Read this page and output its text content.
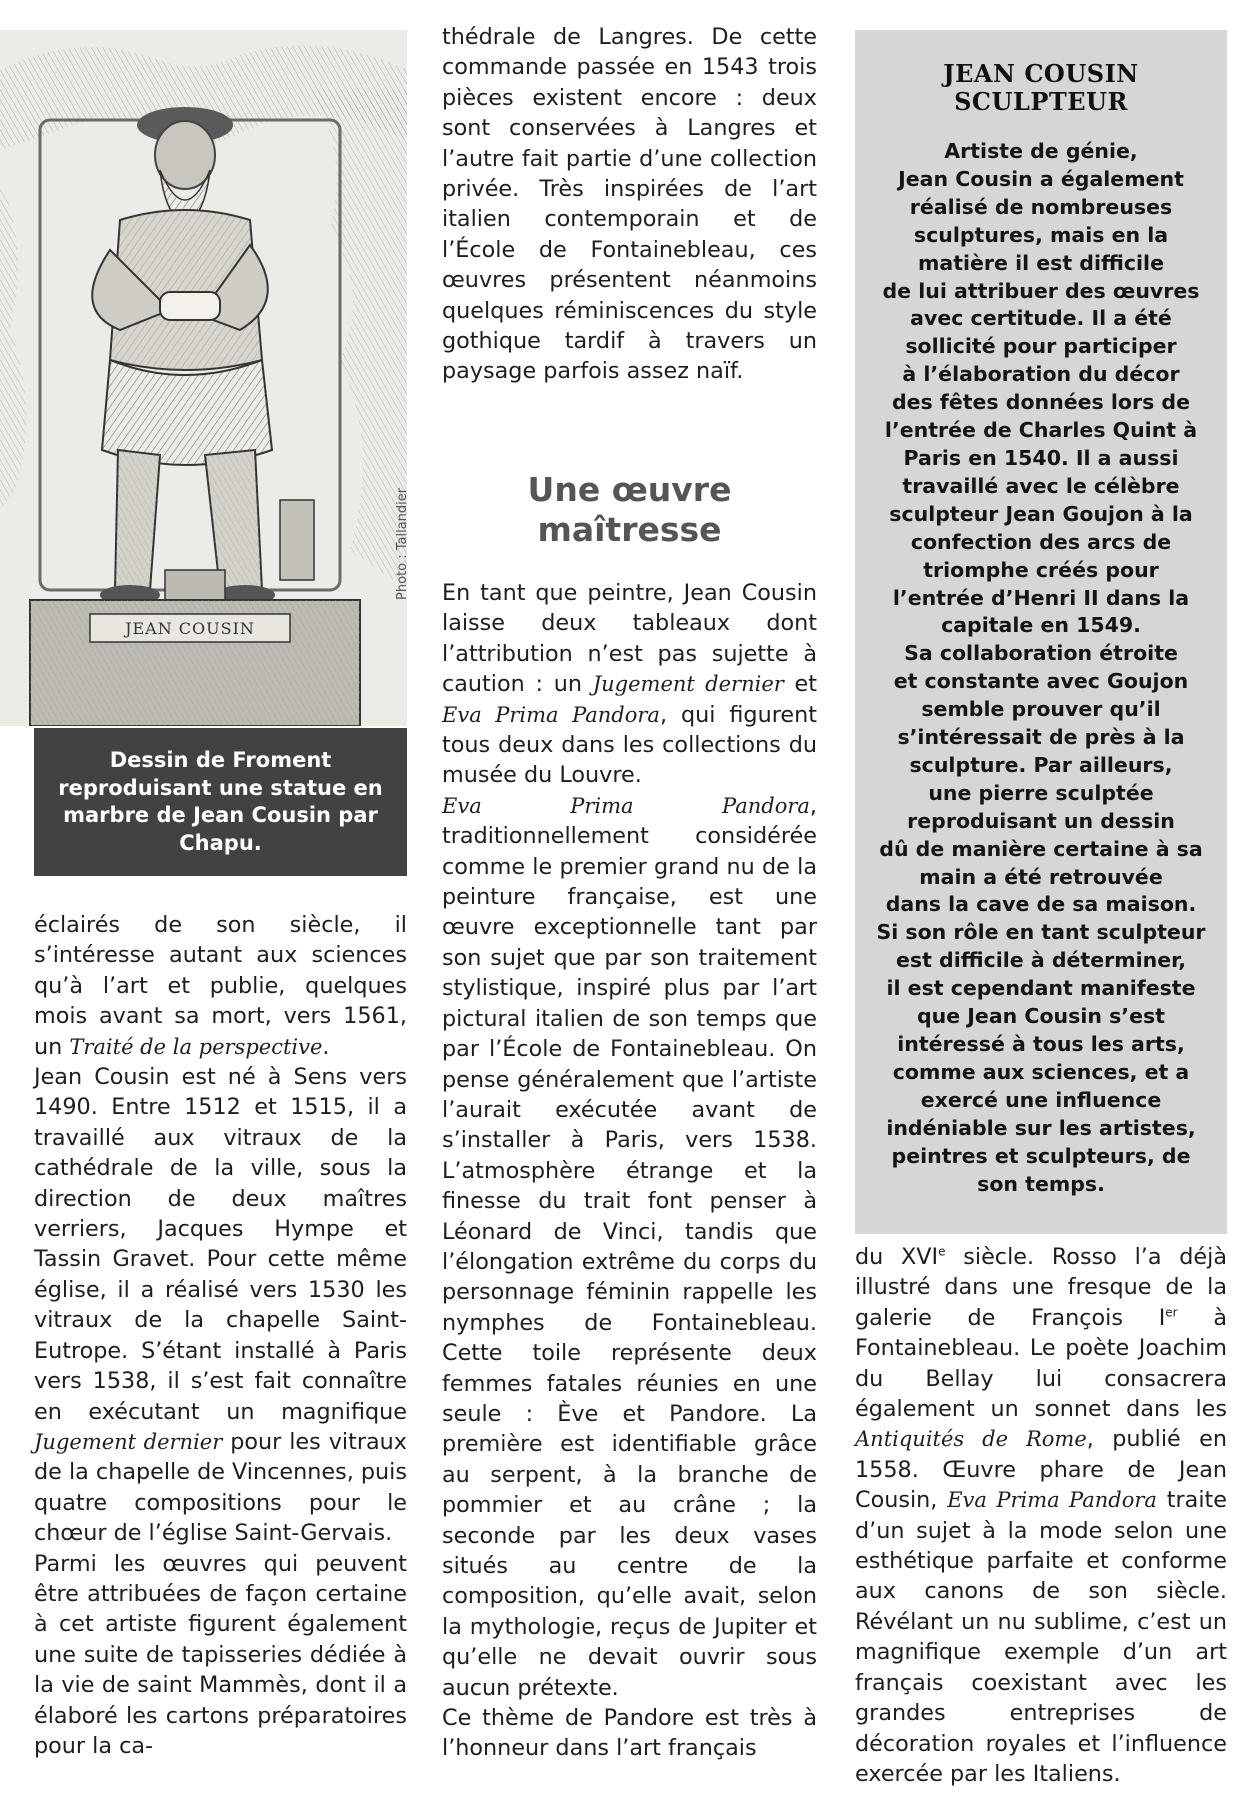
JEAN COUSIN
Photo : Tallandier
Dessin de Froment reproduisant une statue en marbre de Jean Cousin par Chapu.

éclairés de son siècle, il s’intéresse autant aux sciences qu’à l’art et publie, quelques mois avant sa mort, vers 1561, un Traité de la perspective.

Jean Cousin est né à Sens vers 1490. Entre 1512 et 1515, il a travaillé aux vitraux de la cathédrale de la ville, sous la direction de deux maîtres verriers, Jacques Hympe et Tassin Gravet. Pour cette même église, il a réalisé vers 1530 les vitraux de la chapelle Saint-Eutrope. S’étant installé à Paris vers 1538, il s’est fait connaître en exécutant un magnifique Jugement dernier pour les vitraux de la chapelle de Vincennes, puis quatre compositions pour le chœur de l’église Saint-Gervais.

Parmi les œuvres qui peuvent être attribuées de façon certaine à cet artiste figurent également une suite de tapisseries dédiée à la vie de saint Mammès, dont il a élaboré les cartons préparatoires pour la ca-

thédrale de Langres. De cette commande passée en 1543 trois pièces existent encore : deux sont conservées à Langres et l’autre fait partie d’une collection privée. Très inspirées de l’art italien contemporain et de l’École de Fontainebleau, ces œuvres présentent néanmoins quelques réminiscences du style gothique tardif à travers un paysage parfois assez naïf.

Une œuvre maîtresse

En tant que peintre, Jean Cousin laisse deux tableaux dont l’attribution n’est pas sujette à caution : un Jugement dernier et Eva Prima Pandora, qui figurent tous deux dans les collections du musée du Louvre.

Eva Prima Pandora, traditionnellement considérée comme le premier grand nu de la peinture française, est une œuvre exceptionnelle tant par son sujet que par son traitement stylistique, inspiré plus par l’art pictural italien de son temps que par l’École de Fontainebleau. On pense généralement que l’artiste l’aurait exécutée avant de s’installer à Paris, vers 1538. L’atmosphère étrange et la finesse du trait font penser à Léonard de Vinci, tandis que l’élongation extrême du corps du personnage féminin rappelle les nymphes de Fontainebleau. Cette toile représente deux femmes fatales réunies en une seule : Ève et Pandore. La première est identifiable grâce au serpent, à la branche de pommier et au crâne ; la seconde par les deux vases situés au centre de la composition, qu’elle avait, selon la mythologie, reçus de Jupiter et qu’elle ne devait ouvrir sous aucun prétexte.

Ce thème de Pandore est très à l’honneur dans l’art français

JEAN COUSIN
SCULPTEUR
Artiste de génie,
Jean Cousin a également
réalisé de nombreuses
sculptures, mais en la
matière il est difficile
de lui attribuer des œuvres
avec certitude. Il a été
sollicité pour participer
à l’élaboration du décor
des fêtes données lors de
l’entrée de Charles Quint à
Paris en 1540. Il a aussi
travaillé avec le célèbre
sculpteur Jean Goujon à la
confection des arcs de
triomphe créés pour
l’entrée d’Henri II dans la
capitale en 1549.
Sa collaboration étroite
et constante avec Goujon
semble prouver qu’il
s’intéressait de près à la
sculpture. Par ailleurs,
une pierre sculptée
reproduisant un dessin
dû de manière certaine à sa
main a été retrouvée
dans la cave de sa maison.
Si son rôle en tant sculpteur
est difficile à déterminer,
il est cependant manifeste
que Jean Cousin s’est
intéressé à tous les arts,
comme aux sciences, et a
exercé une influence
indéniable sur les artistes,
peintres et sculpteurs, de
son temps.

du XVIe siècle. Rosso l’a déjà illustré dans une fresque de la galerie de François Ier à Fontainebleau. Le poète Joachim du Bellay lui consacrera également un sonnet dans les Antiquités de Rome, publié en 1558. Œuvre phare de Jean Cousin, Eva Prima Pandora traite d’un sujet à la mode selon une esthétique parfaite et conforme aux canons de son siècle. Révélant un nu sublime, c’est un magnifique exemple d’un art français coexistant avec les grandes entreprises de décoration royales et l’influence exercée par les Italiens.
